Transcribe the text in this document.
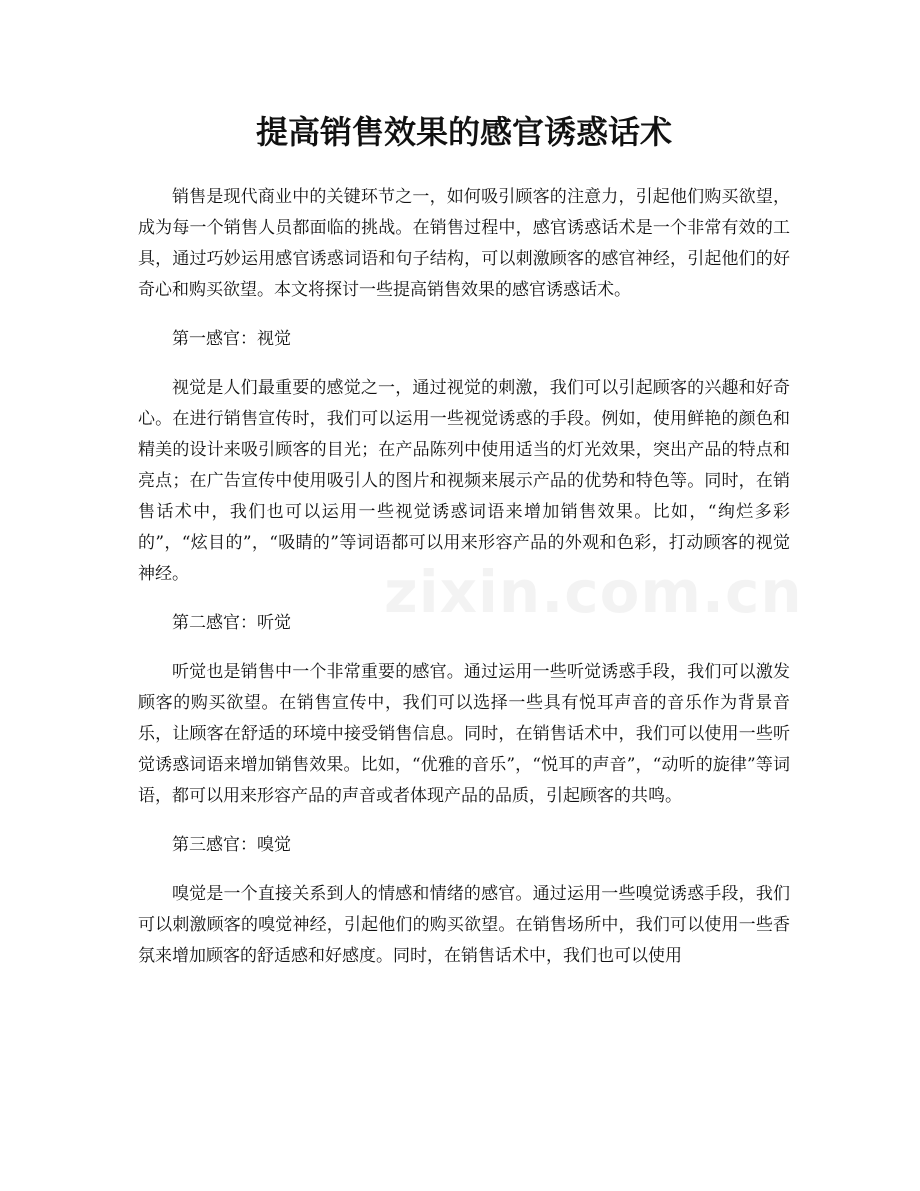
提高销售效果的感官诱惑话术

销售是现代商业中的关键环节之一，如何吸引顾客的注意力，引起他们购买欲望，成为每一个销售人员都面临的挑战。在销售过程中，感官诱惑话术是一个非常有效的工具，通过巧妙运用感官诱惑词语和句子结构，可以刺激顾客的感官神经，引起他们的好奇心和购买欲望。本文将探讨一些提高销售效果的感官诱惑话术。

第一感官：视觉

视觉是人们最重要的感觉之一，通过视觉的刺激，我们可以引起顾客的兴趣和好奇心。在进行销售宣传时，我们可以运用一些视觉诱惑的手段。例如，使用鲜艳的颜色和精美的设计来吸引顾客的目光；在产品陈列中使用适当的灯光效果，突出产品的特点和亮点；在广告宣传中使用吸引人的图片和视频来展示产品的优势和特色等。同时，在销售话术中，我们也可以运用一些视觉诱惑词语来增加销售效果。比如，“绚烂多彩的”，“炫目的”，“吸睛的”等词语都可以用来形容产品的外观和色彩，打动顾客的视觉神经。

第二感官：听觉

听觉也是销售中一个非常重要的感官。通过运用一些听觉诱惑手段，我们可以激发顾客的购买欲望。在销售宣传中，我们可以选择一些具有悦耳声音的音乐作为背景音乐，让顾客在舒适的环境中接受销售信息。同时，在销售话术中，我们可以使用一些听觉诱惑词语来增加销售效果。比如，“优雅的音乐”，“悦耳的声音”，“动听的旋律”等词语，都可以用来形容产品的声音或者体现产品的品质，引起顾客的共鸣。

第三感官：嗅觉

嗅觉是一个直接关系到人的情感和情绪的感官。通过运用一些嗅觉诱惑手段，我们可以刺激顾客的嗅觉神经，引起他们的购买欲望。在销售场所中，我们可以使用一些香氛来增加顾客的舒适感和好感度。同时，在销售话术中，我们也可以使用
